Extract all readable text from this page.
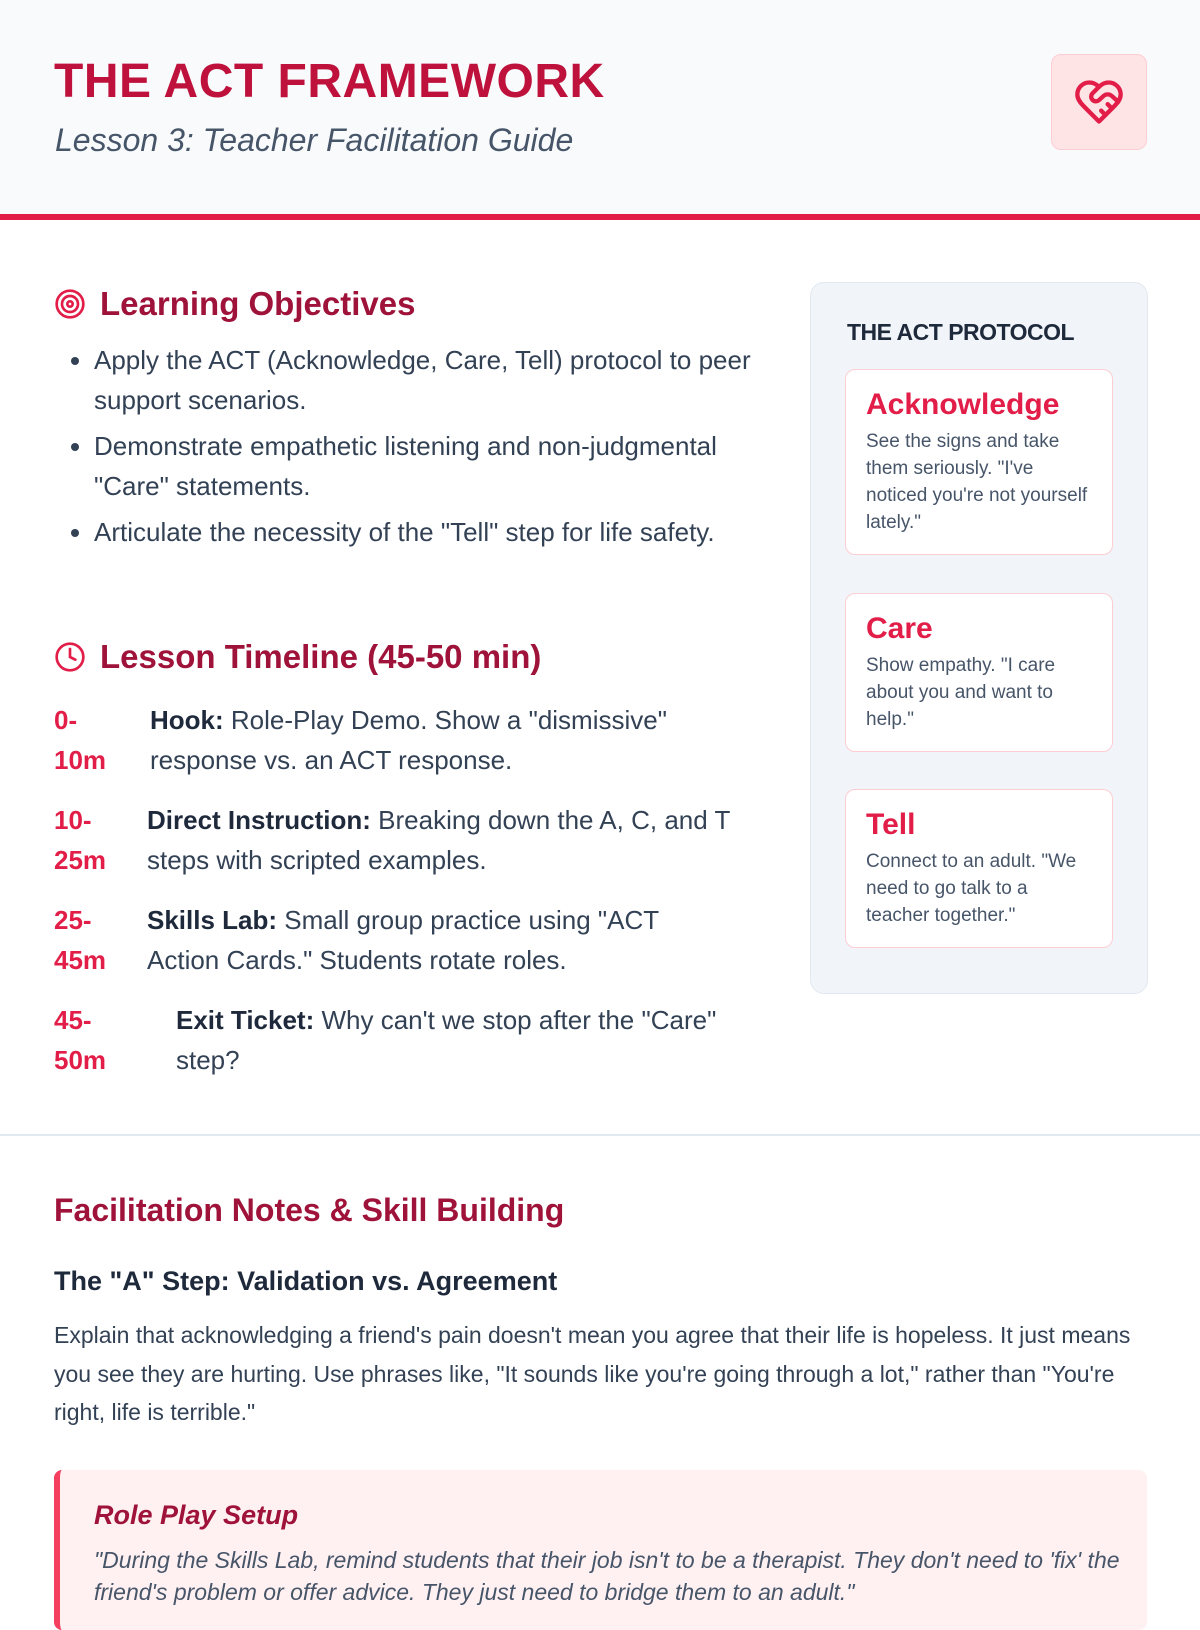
THE ACT FRAMEWORK

Lesson 3: Teacher Facilitation Guide

Learning Objectives
• Apply the ACT (Acknowledge, Care, Tell) protocol to peer support scenarios.
• Demonstrate empathetic listening and non-judgmental "Care" statements.
• Articulate the necessity of the "Tell" step for life safety.
Lesson Timeline (45-50 min)
0-
10m
Hook: Role-Play Demo. Show a "dismissive" response vs. an ACT response.
10-
25m
Direct Instruction: Breaking down the A, C, and T steps with scripted examples.
25-
45m
Skills Lab: Small group practice using "ACT Action Cards." Students rotate roles.
45-
50m
Exit Ticket: Why can't we stop after the "Care" step?
THE ACT PROTOCOL
Acknowledge

See the signs and take them seriously. "I've noticed you're not yourself lately."

Care

Show empathy. "I care about you and want to help."

Tell

Connect to an adult. "We need to go talk to a teacher together."

Facilitation Notes & Skill Building
The "A" Step: Validation vs. Agreement

Explain that acknowledging a friend's pain doesn't mean you agree that their life is hopeless. It just means you see they are hurting. Use phrases like, "It sounds like you're going through a lot," rather than "You're right, life is terrible."

Role Play Setup

"During the Skills Lab, remind students that their job isn't to be a therapist. They don't need to 'fix' the friend's problem or offer advice. They just need to bridge them to an adult."
